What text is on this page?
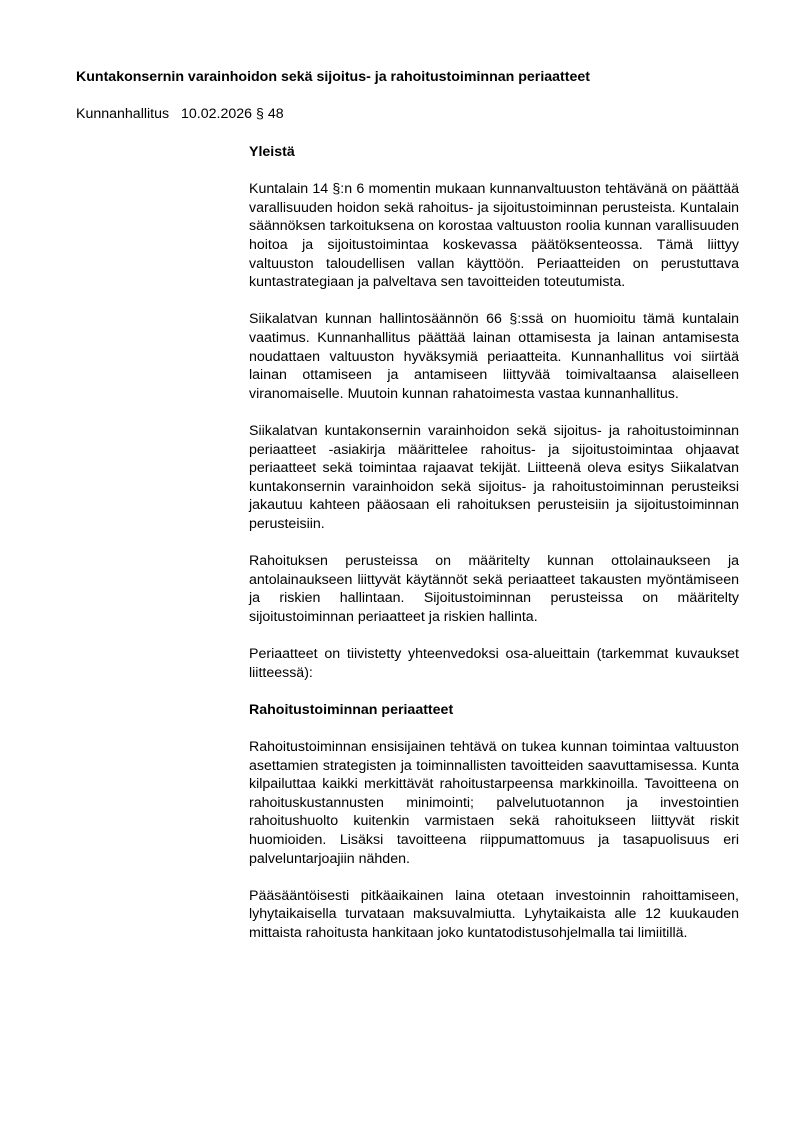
Kuntakonsernin varainhoidon sekä sijoitus- ja rahoitustoiminnan periaatteet
Kunnanhallitus 10.02.2026 § 48
Yleistä

Kuntalain 14 §:n 6 momentin mukaan kunnanvaltuuston tehtävänä on päättää varallisuuden hoidon sekä rahoitus- ja sijoitustoiminnan perusteista. Kuntalain säännöksen tarkoituksena on korostaa valtuuston roolia kunnan varallisuuden hoitoa ja sijoitustoimintaa koskevassa päätöksenteossa. Tämä liittyy valtuuston taloudellisen vallan käyttöön. Periaatteiden on perustuttava kuntastrategiaan ja palveltava sen tavoitteiden toteutumista.

Siikalatvan kunnan hallintosäännön 66 §:ssä on huomioitu tämä kuntalain vaatimus. Kunnanhallitus päättää lainan ottamisesta ja lainan antamisesta noudattaen valtuuston hyväksymiä periaatteita. Kunnanhallitus voi siirtää lainan ottamiseen ja antamiseen liittyvää toimivaltaansa alaiselleen viranomaiselle. Muutoin kunnan rahatoimesta vastaa kunnanhallitus.

Siikalatvan kuntakonsernin varainhoidon sekä sijoitus- ja rahoitustoiminnan periaatteet -asiakirja määrittelee rahoitus- ja sijoitustoimintaa ohjaavat periaatteet sekä toimintaa rajaavat tekijät. Liitteenä oleva esitys Siikalatvan kuntakonsernin varainhoidon sekä sijoitus- ja rahoitustoiminnan perusteiksi jakautuu kahteen pääosaan eli rahoituksen perusteisiin ja sijoitustoiminnan perusteisiin.

Rahoituksen perusteissa on määritelty kunnan ottolainaukseen ja antolainaukseen liittyvät käytännöt sekä periaatteet takausten myöntämiseen ja riskien hallintaan. Sijoitustoiminnan perusteissa on määritelty sijoitustoiminnan periaatteet ja riskien hallinta.

Periaatteet on tiivistetty yhteenvedoksi osa-alueittain (tarkemmat kuvaukset liitteessä):

Rahoitustoiminnan periaatteet

Rahoitustoiminnan ensisijainen tehtävä on tukea kunnan toimintaa valtuuston asettamien strategisten ja toiminnallisten tavoitteiden saavuttamisessa. Kunta kilpailuttaa kaikki merkittävät rahoitustarpeensa markkinoilla. Tavoitteena on rahoituskustannusten minimointi; palvelutuotannon ja investointien rahoitushuolto kuitenkin varmistaen sekä rahoitukseen liittyvät riskit huomioiden. Lisäksi tavoitteena riippumattomuus ja tasapuolisuus eri palveluntarjoajiin nähden.

Pääsääntöisesti pitkäaikainen laina otetaan investoinnin rahoittamiseen, lyhytaikaisella turvataan maksuvalmiutta. Lyhytaikaista alle 12 kuukauden mittaista rahoitusta hankitaan joko kuntatodistusohjelmalla tai limiitillä.
